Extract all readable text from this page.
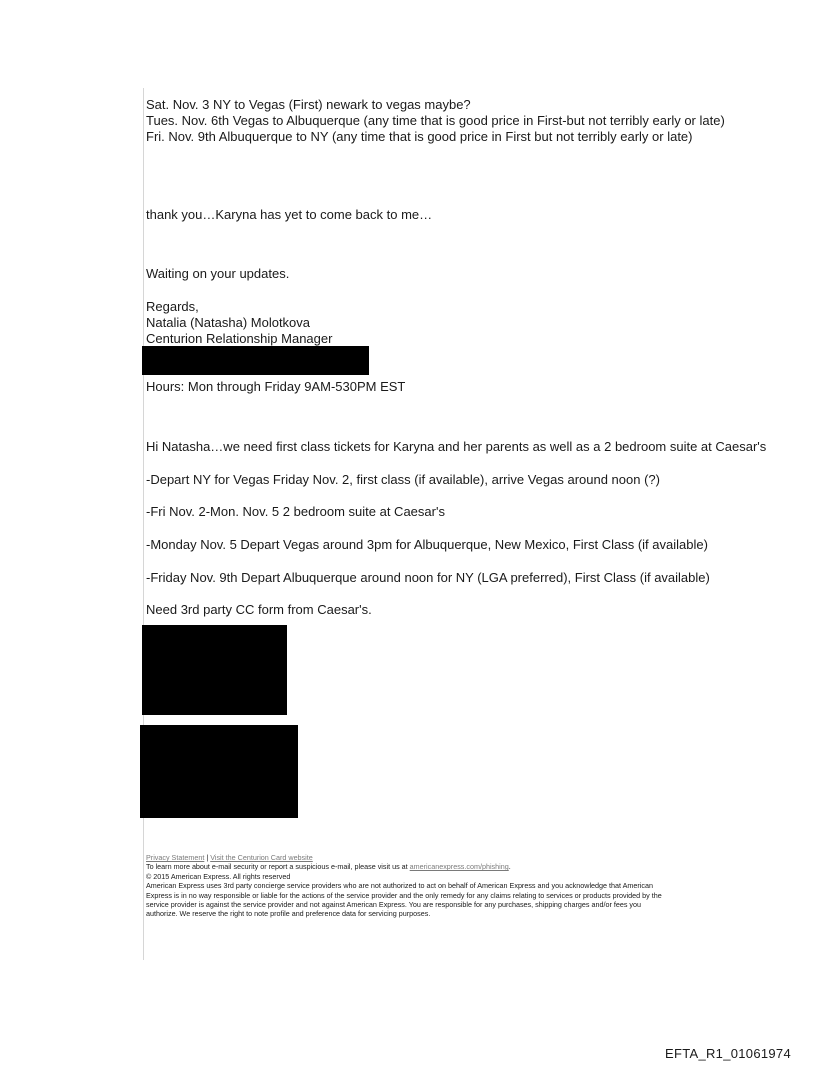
Sat. Nov. 3 NY to Vegas (First) newark to vegas maybe?
Tues. Nov. 6th Vegas to Albuquerque (any time that is good price in First-but not terribly early or late)
Fri. Nov. 9th Albuquerque to NY (any time that is good price in First but not terribly early or late)
thank you…Karyna has yet to come back to me…
Waiting on your updates.
Regards,
Natalia (Natasha) Molotkova
Centurion Relationship Manager
Hours: Mon through Friday 9AM-530PM EST
Hi Natasha…we need first class tickets for Karyna and her parents as well as a 2 bedroom suite at Caesar's
-Depart NY for Vegas Friday Nov. 2, first class (if available), arrive Vegas around noon (?)
-Fri Nov. 2-Mon. Nov. 5 2 bedroom suite at Caesar's
-Monday Nov. 5 Depart Vegas around 3pm for Albuquerque, New Mexico, First Class (if available)
-Friday Nov. 9th Depart Albuquerque around noon for NY (LGA preferred), First Class (if available)
Need 3rd party CC form from Caesar's.
Privacy Statement | Visit the Centurion Card website
To learn more about e-mail security or report a suspicious e-mail, please visit us at americanexpress.com/phishing.
© 2015 American Express. All rights reserved
American Express uses 3rd party concierge service providers who are not authorized to act on behalf of American Express and you acknowledge that American
Express is in no way responsible or liable for the actions of the service provider and the only remedy for any claims relating to services or products provided by the
service provider is against the service provider and not against American Express. You are responsible for any purchases, shipping charges and/or fees you
authorize. We reserve the right to note profile and preference data for servicing purposes.
EFTA_R1_01061974
